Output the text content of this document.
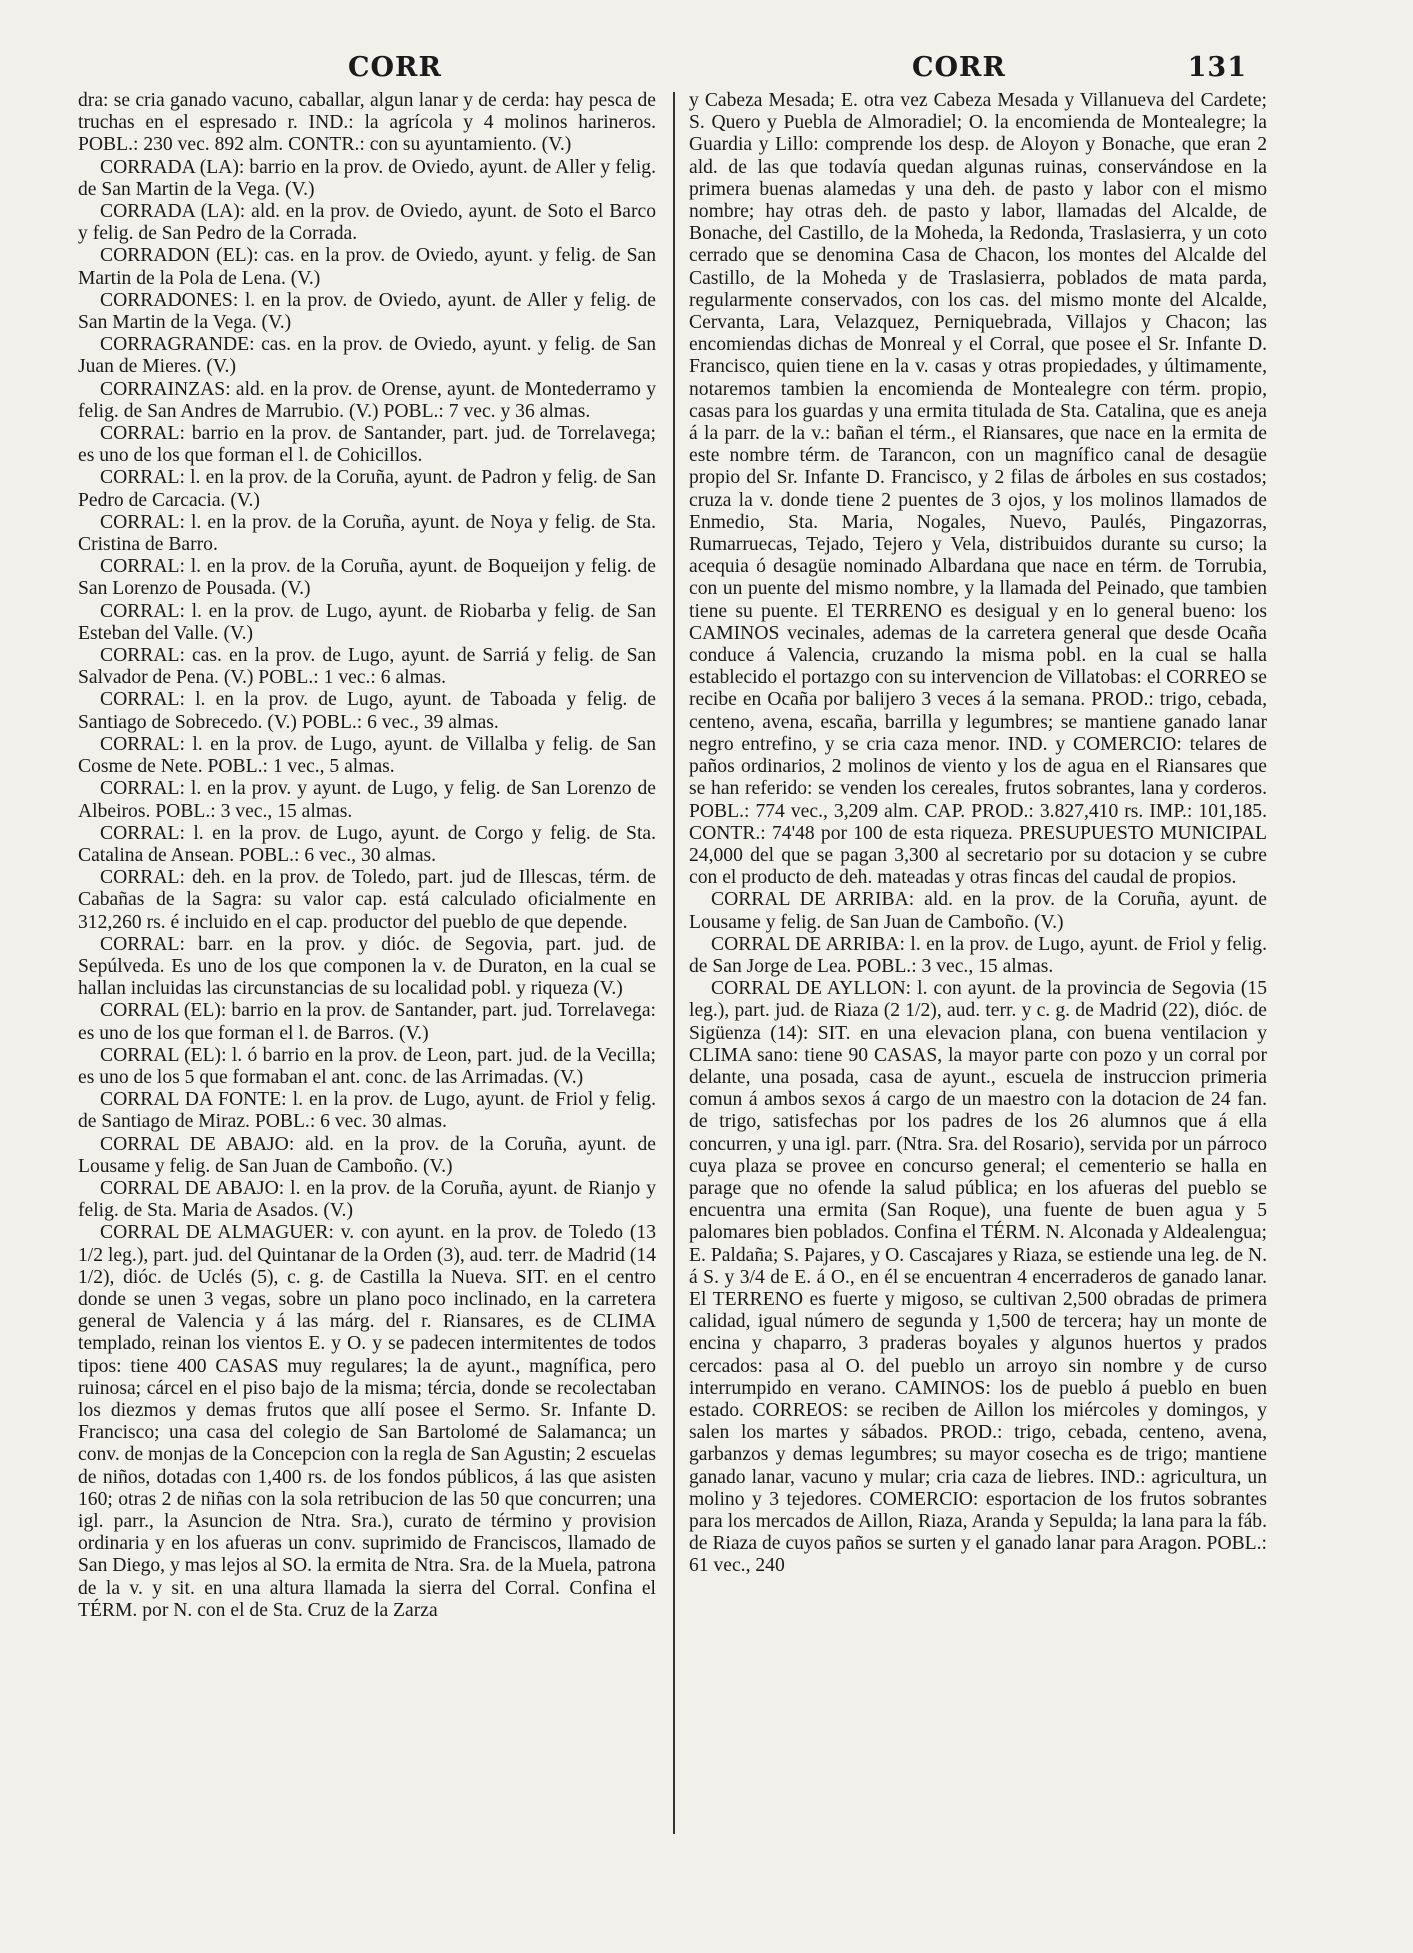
CORR	CORR	131

dra: se cria ganado vacuno, caballar, algun lanar y de cerda: hay pesca de truchas en el espresado r. IND.: la agrícola y 4 molinos harineros. POBL.: 230 vec. 892 alm. CONTR.: con su ayuntamiento. (V.)

CORRADA (LA): barrio en la prov. de Oviedo, ayunt. de Aller y felig. de San Martin de la Vega. (V.)

CORRADA (LA): ald. en la prov. de Oviedo, ayunt. de Soto el Barco y felig. de San Pedro de la Corrada.

CORRADON (EL): cas. en la prov. de Oviedo, ayunt. y felig. de San Martin de la Pola de Lena. (V.)

CORRADONES: l. en la prov. de Oviedo, ayunt. de Aller y felig. de San Martin de la Vega. (V.)

CORRAGRANDE: cas. en la prov. de Oviedo, ayunt. y felig. de San Juan de Mieres. (V.)

CORRAINZAS: ald. en la prov. de Orense, ayunt. de Montederramo y felig. de San Andres de Marrubio. (V.) POBL.: 7 vec. y 36 almas.

CORRAL: barrio en la prov. de Santander, part. jud. de Torrelavega; es uno de los que forman el l. de Cohicillos.

CORRAL: l. en la prov. de la Coruña, ayunt. de Padron y felig. de San Pedro de Carcacia. (V.)

CORRAL: l. en la prov. de la Coruña, ayunt. de Noya y felig. de Sta. Cristina de Barro.

CORRAL: l. en la prov. de la Coruña, ayunt. de Boqueijon y felig. de San Lorenzo de Pousada. (V.)

CORRAL: l. en la prov. de Lugo, ayunt. de Riobarba y felig. de San Esteban del Valle. (V.)

CORRAL: cas. en la prov. de Lugo, ayunt. de Sarriá y felig. de San Salvador de Pena. (V.) POBL.: 1 vec.: 6 almas.

CORRAL: l. en la prov. de Lugo, ayunt. de Taboada y felig. de Santiago de Sobrecedo. (V.) POBL.: 6 vec., 39 almas.

CORRAL: l. en la prov. de Lugo, ayunt. de Villalba y felig. de San Cosme de Nete. POBL.: 1 vec., 5 almas.

CORRAL: l. en la prov. y ayunt. de Lugo, y felig. de San Lorenzo de Albeiros. POBL.: 3 vec., 15 almas.

CORRAL: l. en la prov. de Lugo, ayunt. de Corgo y felig. de Sta. Catalina de Ansean. POBL.: 6 vec., 30 almas.

CORRAL: deh. en la prov. de Toledo, part. jud de Illescas, térm. de Cabañas de la Sagra: su valor cap. está calculado oficialmente en 312,260 rs. é incluido en el cap. productor del pueblo de que depende.

CORRAL: barr. en la prov. y dióc. de Segovia, part. jud. de Sepúlveda. Es uno de los que componen la v. de Duraton, en la cual se hallan incluidas las circunstancias de su localidad pobl. y riqueza (V.)

CORRAL (EL): barrio en la prov. de Santander, part. jud. Torrelavega: es uno de los que forman el l. de Barros. (V.)

CORRAL (EL): l. ó barrio en la prov. de Leon, part. jud. de la Vecilla; es uno de los 5 que formaban el ant. conc. de las Arrimadas. (V.)

CORRAL DA FONTE: l. en la prov. de Lugo, ayunt. de Friol y felig. de Santiago de Miraz. POBL.: 6 vec. 30 almas.

CORRAL DE ABAJO: ald. en la prov. de la Coruña, ayunt. de Lousame y felig. de San Juan de Camboño. (V.)

CORRAL DE ABAJO: l. en la prov. de la Coruña, ayunt. de Rianjo y felig. de Sta. Maria de Asados. (V.)

CORRAL DE ALMAGUER: v. con ayunt. en la prov. de Toledo (13 1/2 leg.), part. jud. del Quintanar de la Orden (3), aud. terr. de Madrid (14 1/2), dióc. de Uclés (5), c. g. de Castilla la Nueva. SIT. en el centro donde se unen 3 vegas, sobre un plano poco inclinado, en la carretera general de Valencia y á las márg. del r. Riansares, es de CLIMA templado, reinan los vientos E. y O. y se padecen intermitentes de todos tipos: tiene 400 CASAS muy regulares; la de ayunt., magnífica, pero ruinosa; cárcel en el piso bajo de la misma; tércia, donde se recolectaban los diezmos y demas frutos que allí posee el Sermo. Sr. Infante D. Francisco; una casa del colegio de San Bartolomé de Salamanca; un conv. de monjas de la Concepcion con la regla de San Agustin; 2 escuelas de niños, dotadas con 1,400 rs. de los fondos públicos, á las que asisten 160; otras 2 de niñas con la sola retribucion de las 50 que concurren; una igl. parr., la Asuncion de Ntra. Sra.), curato de término y provision ordinaria y en los afueras un conv. suprimido de Franciscos, llamado de San Diego, y mas lejos al SO. la ermita de Ntra. Sra. de la Muela, patrona de la v. y sit. en una altura llamada la sierra del Corral. Confina el TÉRM. por N. con el de Sta. Cruz de la Zarza

y Cabeza Mesada; E. otra vez Cabeza Mesada y Villanueva del Cardete; S. Quero y Puebla de Almoradiel; O. la encomienda de Montealegre; la Guardia y Lillo: comprende los desp. de Aloyon y Bonache, que eran 2 ald. de las que todavía quedan algunas ruinas, conservándose en la primera buenas alamedas y una deh. de pasto y labor con el mismo nombre; hay otras deh. de pasto y labor, llamadas del Alcalde, de Bonache, del Castillo, de la Moheda, la Redonda, Traslasierra, y un coto cerrado que se denomina Casa de Chacon, los montes del Alcalde del Castillo, de la Moheda y de Traslasierra, poblados de mata parda, regularmente conservados, con los cas. del mismo monte del Alcalde, Cervanta, Lara, Velazquez, Perniquebrada, Villajos y Chacon; las encomiendas dichas de Monreal y el Corral, que posee el Sr. Infante D. Francisco, quien tiene en la v. casas y otras propiedades, y últimamente, notaremos tambien la encomienda de Montealegre con térm. propio, casas para los guardas y una ermita titulada de Sta. Catalina, que es aneja á la parr. de la v.: bañan el térm., el Riansares, que nace en la ermita de este nombre térm. de Tarancon, con un magnífico canal de desagüe propio del Sr. Infante D. Francisco, y 2 filas de árboles en sus costados; cruza la v. donde tiene 2 puentes de 3 ojos, y los molinos llamados de Enmedio, Sta. Maria, Nogales, Nuevo, Paulés, Pingazorras, Rumarruecas, Tejado, Tejero y Vela, distribuidos durante su curso; la acequia ó desagüe nominado Albardana que nace en térm. de Torrubia, con un puente del mismo nombre, y la llamada del Peinado, que tambien tiene su puente. El TERRENO es desigual y en lo general bueno: los CAMINOS vecinales, ademas de la carretera general que desde Ocaña conduce á Valencia, cruzando la misma pobl. en la cual se halla establecido el portazgo con su intervencion de Villatobas: el CORREO se recibe en Ocaña por balijero 3 veces á la semana. PROD.: trigo, cebada, centeno, avena, escaña, barrilla y legumbres; se mantiene ganado lanar negro entrefino, y se cria caza menor. IND. y COMERCIO: telares de paños ordinarios, 2 molinos de viento y los de agua en el Riansares que se han referido: se venden los cereales, frutos sobrantes, lana y corderos. POBL.: 774 vec., 3,209 alm. CAP. PROD.: 3.827,410 rs. IMP.: 101,185. CONTR.: 74'48 por 100 de esta riqueza. PRESUPUESTO MUNICIPAL 24,000 del que se pagan 3,300 al secretario por su dotacion y se cubre con el producto de deh. mateadas y otras fincas del caudal de propios.

CORRAL DE ARRIBA: ald. en la prov. de la Coruña, ayunt. de Lousame y felig. de San Juan de Camboño. (V.)

CORRAL DE ARRIBA: l. en la prov. de Lugo, ayunt. de Friol y felig. de San Jorge de Lea. POBL.: 3 vec., 15 almas.

CORRAL DE AYLLON: l. con ayunt. de la provincia de Segovia (15 leg.), part. jud. de Riaza (2 1/2), aud. terr. y c. g. de Madrid (22), dióc. de Sigüenza (14): SIT. en una elevacion plana, con buena ventilacion y CLIMA sano: tiene 90 CASAS, la mayor parte con pozo y un corral por delante, una posada, casa de ayunt., escuela de instruccion primeria comun á ambos sexos á cargo de un maestro con la dotacion de 24 fan. de trigo, satisfechas por los padres de los 26 alumnos que á ella concurren, y una igl. parr. (Ntra. Sra. del Rosario), servida por un párroco cuya plaza se provee en concurso general; el cementerio se halla en parage que no ofende la salud pública; en los afueras del pueblo se encuentra una ermita (San Roque), una fuente de buen agua y 5 palomares bien poblados. Confina el TÉRM. N. Alconada y Aldealengua; E. Paldaña; S. Pajares, y O. Cascajares y Riaza, se estiende una leg. de N. á S. y 3/4 de E. á O., en él se encuentran 4 encerraderos de ganado lanar. El TERRENO es fuerte y migoso, se cultivan 2,500 obradas de primera calidad, igual número de segunda y 1,500 de tercera; hay un monte de encina y chaparro, 3 praderas boyales y algunos huertos y prados cercados: pasa al O. del pueblo un arroyo sin nombre y de curso interrumpido en verano. CAMINOS: los de pueblo á pueblo en buen estado. CORREOS: se reciben de Aillon los miércoles y domingos, y salen los martes y sábados. PROD.: trigo, cebada, centeno, avena, garbanzos y demas legumbres; su mayor cosecha es de trigo; mantiene ganado lanar, vacuno y mular; cria caza de liebres. IND.: agricultura, un molino y 3 tejedores. COMERCIO: esportacion de los frutos sobrantes para los mercados de Aillon, Riaza, Aranda y Sepulda; la lana para la fáb. de Riaza de cuyos paños se surten y el ganado lanar para Aragon. POBL.: 61 vec., 240
